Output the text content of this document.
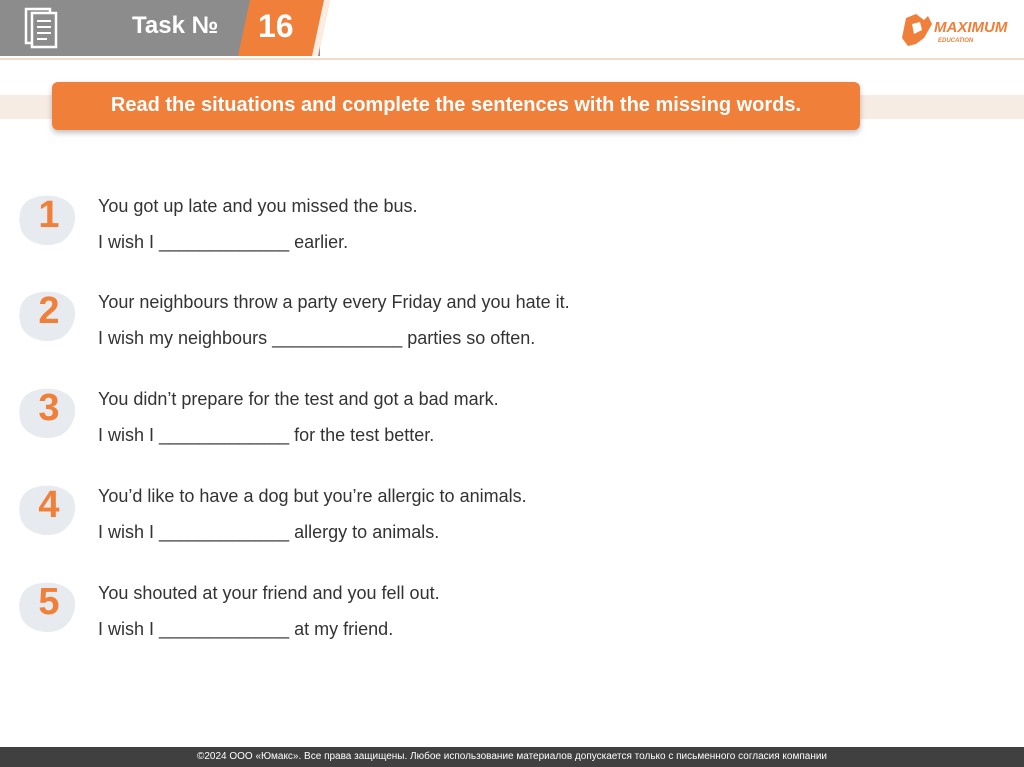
Task № 16	MAXIMUM
EDUCATION
Read the situations and complete the sentences with the missing words.
1 You got up late and you missed the bus.
I wish I _____________ earlier.
2 Your neighbours throw a party every Friday and you hate it.
I wish my neighbours _____________ parties so often.
3 You didn’t prepare for the test and got a bad mark.
I wish I _____________ for the test better.
4 You’d like to have a dog but you’re allergic to animals.
I wish I _____________ allergy to animals.
5 You shouted at your friend and you fell out.
I wish I _____________ at my friend.
©2024 ООО «Юмакс». Все права защищены. Любое использование материалов допускается только с письменного согласия компании
